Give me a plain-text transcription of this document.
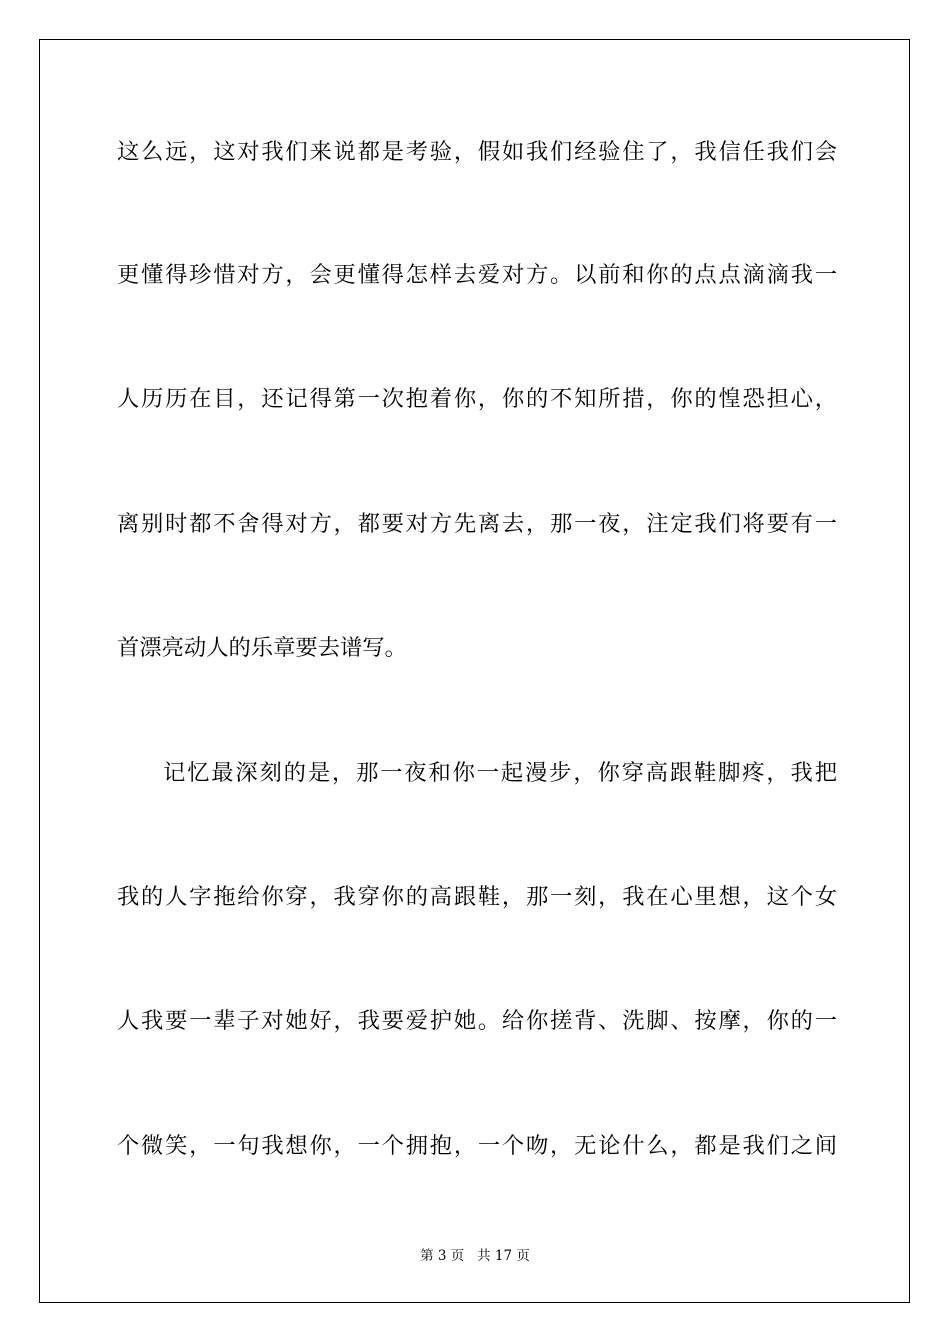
这么远，这对我们来说都是考验，假如我们经验住了，我信任我们会
更懂得珍惜对方，会更懂得怎样去爱对方。以前和你的点点滴滴我一
人历历在目，还记得第一次抱着你，你的不知所措，你的惶恐担心，
离别时都不舍得对方，都要对方先离去，那一夜，注定我们将要有一
首漂亮动人的乐章要去谱写。
记忆最深刻的是，那一夜和你一起漫步，你穿高跟鞋脚疼，我把
我的人字拖给你穿，我穿你的高跟鞋，那一刻，我在心里想，这个女
人我要一辈子对她好，我要爱护她。给你搓背、洗脚、按摩，你的一
个微笑，一句我想你，一个拥抱，一个吻，无论什么，都是我们之间
第 3 页   共 17 页
